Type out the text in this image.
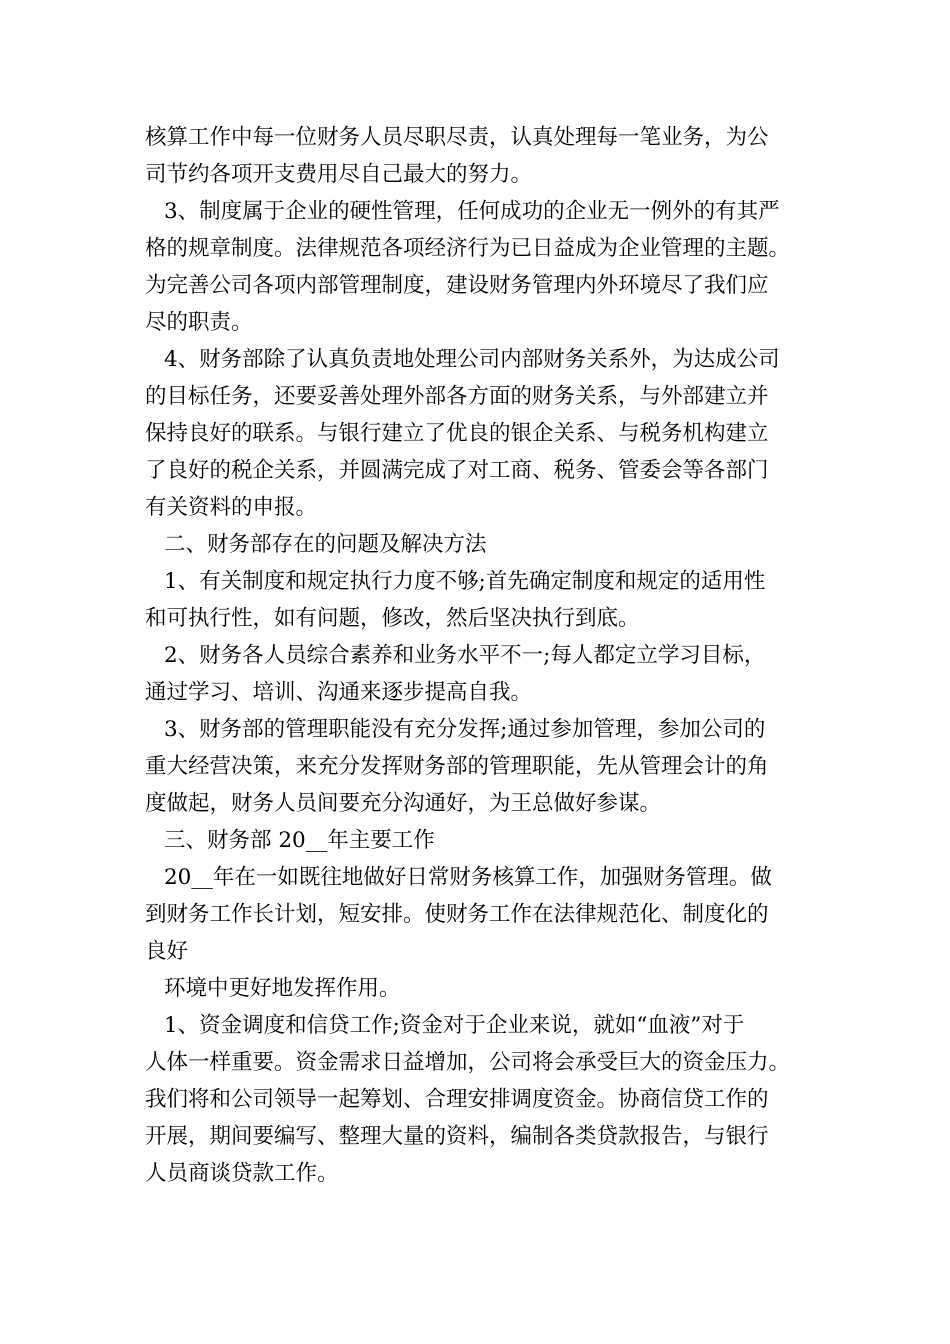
核算工作中每一位财务人员尽职尽责，认真处理每一笔业务，为公
司节约各项开支费用尽自己最大的努力。
3、制度属于企业的硬性管理，任何成功的企业无一例外的有其严
格的规章制度。法律规范各项经济行为已日益成为企业管理的主题。
为完善公司各项内部管理制度，建设财务管理内外环境尽了我们应
尽的职责。
4、财务部除了认真负责地处理公司内部财务关系外，为达成公司
的目标任务，还要妥善处理外部各方面的财务关系，与外部建立并
保持良好的联系。与银行建立了优良的银企关系、与税务机构建立
了良好的税企关系，并圆满完成了对工商、税务、管委会等各部门
有关资料的申报。
二、财务部存在的问题及解决方法
1、有关制度和规定执行力度不够;首先确定制度和规定的适用性
和可执行性，如有问题，修改，然后坚决执行到底。
2、财务各人员综合素养和业务水平不一;每人都定立学习目标，
通过学习、培训、沟通来逐步提高自我。
3、财务部的管理职能没有充分发挥;通过参加管理，参加公司的
重大经营决策，来充分发挥财务部的管理职能，先从管理会计的角
度做起，财务人员间要充分沟通好，为王总做好参谋。
三、财务部 20__年主要工作
20__年在一如既往地做好日常财务核算工作，加强财务管理。做
到财务工作长计划，短安排。使财务工作在法律规范化、制度化的
良好
环境中更好地发挥作用。
1、资金调度和信贷工作;资金对于企业来说，就如“血液”对于
人体一样重要。资金需求日益增加，公司将会承受巨大的资金压力。
我们将和公司领导一起筹划、合理安排调度资金。协商信贷工作的
开展，期间要编写、整理大量的资料，编制各类贷款报告，与银行
人员商谈贷款工作。
